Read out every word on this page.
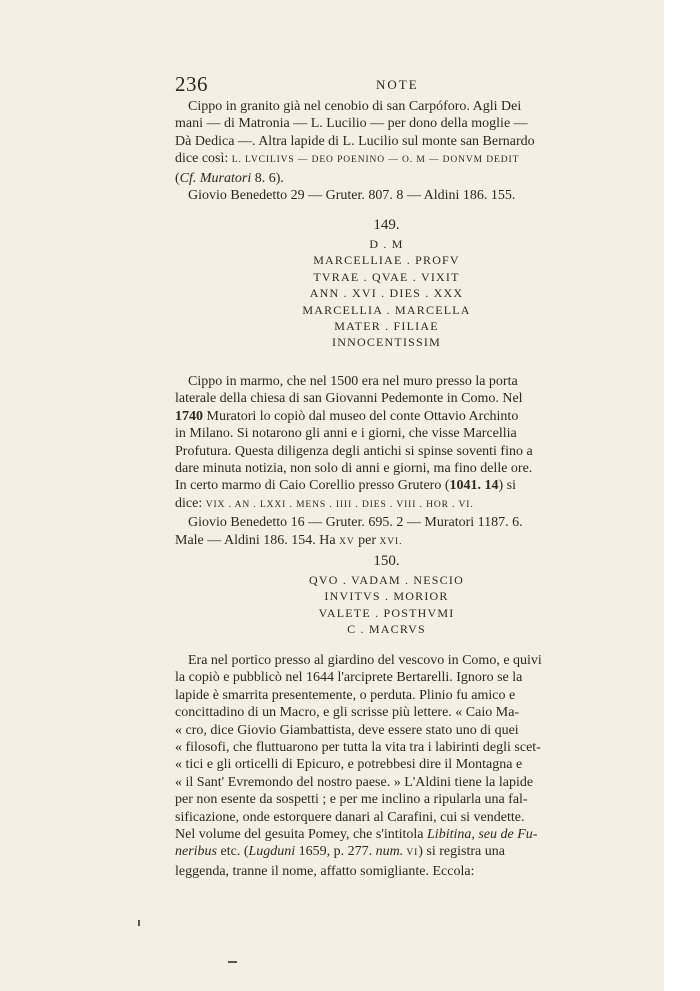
236	NOTE

Cippo in granito già nel cenobio di san Carpóforo. Agli Dei

mani — di Matronia — L. Lucilio — per dono della moglie —

Dà Dedica —. Altra lapide di L. Lucilio sul monte san Bernardo

dice così: L. LVCILIVS — DEO POENINO — O. M — DONVM DEDIT

(Cf. Muratori 8. 6).

Giovio Benedetto 29 — Gruter. 807. 8 — Aldini 186. 155.

149.
D . M
MARCELLIAE . PROFV
TVRAE . QVAE . VIXIT
ANN . XVI . DIES . XXX
MARCELLIA . MARCELLA
MATER . FILIAE
INNOCENTISSIM

Cippo in marmo, che nel 1500 era nel muro presso la porta

laterale della chiesa di san Giovanni Pedemonte in Como. Nel

1740 Muratori lo copiò dal museo del conte Ottavio Archinto

in Milano. Si notarono gli anni e i giorni, che visse Marcellia

Profutura. Questa diligenza degli antichi si spinse soventi fino a

dare minuta notizia, non solo di anni e giorni, ma fino delle ore.

In certo marmo di Caio Corellio presso Grutero (1041. 14) si

dice: VIX . AN . LXXI . MENS . IIII . DIES . VIII . HOR . VI.

Giovio Benedetto 16 — Gruter. 695. 2 — Muratori 1187. 6.

Male — Aldini 186. 154. Ha XV per XVI.

150.
QVO . VADAM . NESCIO
INVITVS . MORIOR
VALETE . POSTHVMI
C . MACRVS

Era nel portico presso al giardino del vescovo in Como, e quivi

la copiò e pubblicò nel 1644 l'arciprete Bertarelli. Ignoro se la

lapide è smarrita presentemente, o perduta. Plinio fu amico e

concittadino di un Macro, e gli scrisse più lettere. « Caio Ma-

« cro, dice Giovio Giambattista, deve essere stato uno di quei

« filosofi, che fluttuarono per tutta la vita tra i labirinti degli scet-

« tici e gli orticelli di Epicuro, e potrebbesi dire il Montagna e

« il Sant' Evremondo del nostro paese. » L'Aldini tiene la lapide

per non esente da sospetti ; e per me inclino a ripularla una fal-

sificazione, onde estorquere danari al Carafini, cui si vendette.

Nel volume del gesuita Pomey, che s'intitola Libitina, seu de Fu-

neribus etc. (Lugduni 1659, p. 277. num. VI) si registra una

leggenda, tranne il nome, affatto somigliante. Eccola:
